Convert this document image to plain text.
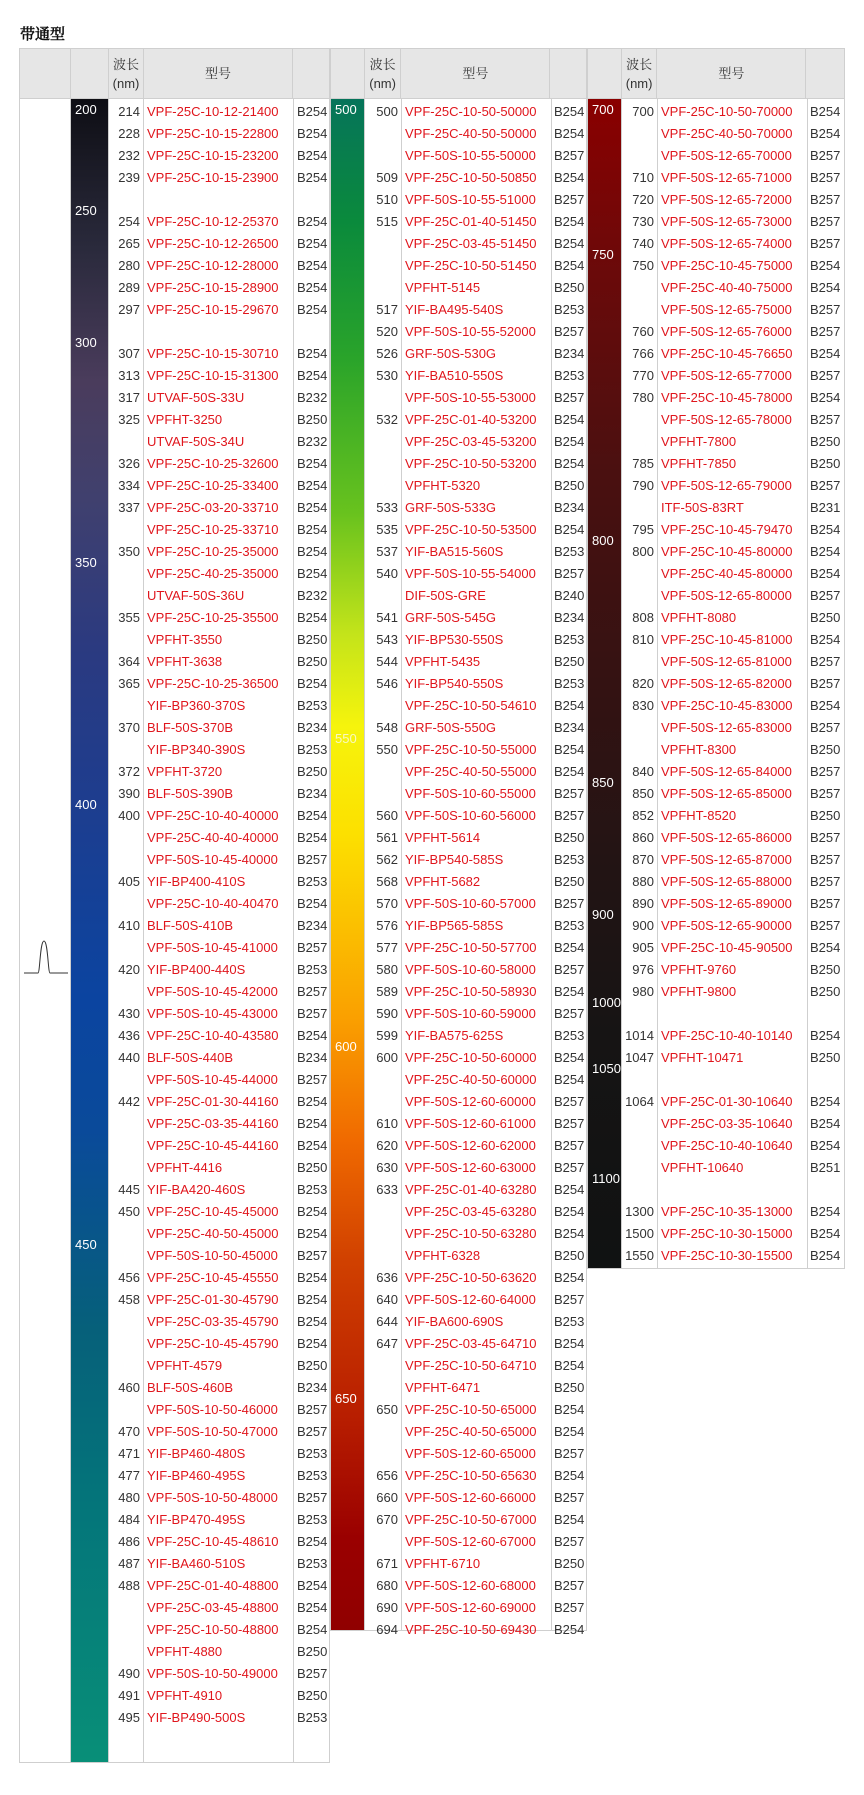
带通型
波长
(nm)
型号
214 VPF-25C-10-12-21400 B254
228 VPF-25C-10-15-22800 B254
232 VPF-25C-10-15-23200 B254
239 VPF-25C-10-15-23900 B254
254 VPF-25C-10-12-25370 B254
265 VPF-25C-10-12-26500 B254
280 VPF-25C-10-12-28000 B254
289 VPF-25C-10-15-28900 B254
297 VPF-25C-10-15-29670 B254
307 VPF-25C-10-15-30710 B254
313 VPF-25C-10-15-31300 B254
317 UTVAF-50S-33U	B232
325 VPFHT-3250	B250
UTVAF-50S-34U	B232
326 VPF-25C-10-25-32600 B254
334 VPF-25C-10-25-33400 B254
337 VPF-25C-03-20-33710 B254
VPF-25C-10-25-33710 B254
350 VPF-25C-10-25-35000 B254
VPF-25C-40-25-35000 B254
UTVAF-50S-36U	B232
355 VPF-25C-10-25-35500 B254
VPFHT-3550	B250
364 VPFHT-3638	B250
365 VPF-25C-10-25-36500 B254
YIF-BP360-370S	B253
370 BLF-50S-370B	B234
YIF-BP340-390S	B253
372 VPFHT-3720	B250
390 BLF-50S-390B	B234
400 VPF-25C-10-40-40000 B254
VPF-25C-40-40-40000 B254
VPF-50S-10-45-40000 B257
405 YIF-BP400-410S	B253
VPF-25C-10-40-40470 B254
410 BLF-50S-410B	B234
VPF-50S-10-45-41000 B257
420 YIF-BP400-440S	B253
VPF-50S-10-45-42000 B257
430 VPF-50S-10-45-43000 B257
436 VPF-25C-10-40-43580 B254
440 BLF-50S-440B	B234
VPF-50S-10-45-44000 B257
442 VPF-25C-01-30-44160 B254
VPF-25C-03-35-44160 B254
VPF-25C-10-45-44160 B254
VPFHT-4416	B250
445 YIF-BA420-460S	B253
450 VPF-25C-10-45-45000 B254
VPF-25C-40-50-45000 B254
VPF-50S-10-50-45000 B257
456 VPF-25C-10-45-45550 B254
458 VPF-25C-01-30-45790 B254
VPF-25C-03-35-45790 B254
VPF-25C-10-45-45790 B254
VPFHT-4579	B250
460 BLF-50S-460B	B234
VPF-50S-10-50-46000 B257
470 VPF-50S-10-50-47000 B257
471 YIF-BP460-480S	B253
477 YIF-BP460-495S	B253
480 VPF-50S-10-50-48000 B257
484 YIF-BP470-495S	B253
486 VPF-25C-10-45-48610 B254
487 YIF-BA460-510S	B253
488 VPF-25C-01-40-48800 B254
VPF-25C-03-45-48800 B254
VPF-25C-10-50-48800 B254
VPFHT-4880	B250
490 VPF-50S-10-50-49000 B257
491 VPFHT-4910	B250
495 YIF-BP490-500S	B253
200
250
300
350
400
450
波长
(nm)
型号
500 VPF-25C-10-50-50000 B254
VPF-25C-40-50-50000 B254
VPF-50S-10-55-50000 B257
509 VPF-25C-10-50-50850 B254
510 VPF-50S-10-55-51000 B257
515 VPF-25C-01-40-51450 B254
VPF-25C-03-45-51450 B254
VPF-25C-10-50-51450 B254
VPFHT-5145	B250
517 YIF-BA495-540S	B253
520 VPF-50S-10-55-52000 B257
526 GRF-50S-530G	B234
530 YIF-BA510-550S	B253
VPF-50S-10-55-53000 B257
532 VPF-25C-01-40-53200 B254
VPF-25C-03-45-53200 B254
VPF-25C-10-50-53200 B254
VPFHT-5320	B250
533 GRF-50S-533G	B234
535 VPF-25C-10-50-53500 B254
537 YIF-BA515-560S	B253
540 VPF-50S-10-55-54000 B257
DIF-50S-GRE	B240
541 GRF-50S-545G	B234
543 YIF-BP530-550S	B253
544 VPFHT-5435	B250
546 YIF-BP540-550S	B253
VPF-25C-10-50-54610 B254
548 GRF-50S-550G	B234
550 VPF-25C-10-50-55000 B254
VPF-25C-40-50-55000 B254
VPF-50S-10-60-55000 B257
560 VPF-50S-10-60-56000 B257
561 VPFHT-5614	B250
562 YIF-BP540-585S	B253
568 VPFHT-5682	B250
570 VPF-50S-10-60-57000 B257
576 YIF-BP565-585S	B253
577 VPF-25C-10-50-57700 B254
580 VPF-50S-10-60-58000 B257
589 VPF-25C-10-50-58930 B254
590 VPF-50S-10-60-59000 B257
599 YIF-BA575-625S	B253
600 VPF-25C-10-50-60000 B254
VPF-25C-40-50-60000 B254
VPF-50S-12-60-60000 B257
610 VPF-50S-12-60-61000 B257
620 VPF-50S-12-60-62000 B257
630 VPF-50S-12-60-63000 B257
633 VPF-25C-01-40-63280 B254
VPF-25C-03-45-63280 B254
VPF-25C-10-50-63280 B254
VPFHT-6328	B250
636 VPF-25C-10-50-63620 B254
640 VPF-50S-12-60-64000 B257
644 YIF-BA600-690S	B253
647 VPF-25C-03-45-64710 B254
VPF-25C-10-50-64710 B254
VPFHT-6471	B250
650 VPF-25C-10-50-65000 B254
VPF-25C-40-50-65000 B254
VPF-50S-12-60-65000 B257
656 VPF-25C-10-50-65630 B254
660 VPF-50S-12-60-66000 B257
670 VPF-25C-10-50-67000 B254
VPF-50S-12-60-67000 B257
671 VPFHT-6710	B250
680 VPF-50S-12-60-68000 B257
690 VPF-50S-12-60-69000 B257
694 VPF-25C-10-50-69430 B254
500
550
600
650
波长
(nm)
型号
700 VPF-25C-10-50-70000 B254
VPF-25C-40-50-70000 B254
VPF-50S-12-65-70000 B257
710 VPF-50S-12-65-71000 B257
720 VPF-50S-12-65-72000 B257
730 VPF-50S-12-65-73000 B257
740 VPF-50S-12-65-74000 B257
750 VPF-25C-10-45-75000 B254
VPF-25C-40-40-75000 B254
VPF-50S-12-65-75000 B257
760 VPF-50S-12-65-76000 B257
766 VPF-25C-10-45-76650 B254
770 VPF-50S-12-65-77000 B257
780 VPF-25C-10-45-78000 B254
VPF-50S-12-65-78000 B257
VPFHT-7800	B250
785 VPFHT-7850	B250
790 VPF-50S-12-65-79000 B257
ITF-50S-83RT	B231
795 VPF-25C-10-45-79470 B254
800 VPF-25C-10-45-80000 B254
VPF-25C-40-45-80000 B254
VPF-50S-12-65-80000 B257
808 VPFHT-8080	B250
810 VPF-25C-10-45-81000 B254
VPF-50S-12-65-81000 B257
820 VPF-50S-12-65-82000 B257
830 VPF-25C-10-45-83000 B254
VPF-50S-12-65-83000 B257
VPFHT-8300	B250
840 VPF-50S-12-65-84000 B257
850 VPF-50S-12-65-85000 B257
852 VPFHT-8520	B250
860 VPF-50S-12-65-86000 B257
870 VPF-50S-12-65-87000 B257
880 VPF-50S-12-65-88000 B257
890 VPF-50S-12-65-89000 B257
900 VPF-50S-12-65-90000 B257
905 VPF-25C-10-45-90500 B254
976 VPFHT-9760	B250
980 VPFHT-9800	B250
1014 VPF-25C-10-40-10140 B254
1047 VPFHT-10471	B250
1064 VPF-25C-01-30-10640 B254
VPF-25C-03-35-10640 B254
VPF-25C-10-40-10640 B254
VPFHT-10640	B251
1300 VPF-25C-10-35-13000 B254
1500 VPF-25C-10-30-15000 B254
1550 VPF-25C-10-30-15500 B254
700
750
800
850
900
1000
1050
1100
